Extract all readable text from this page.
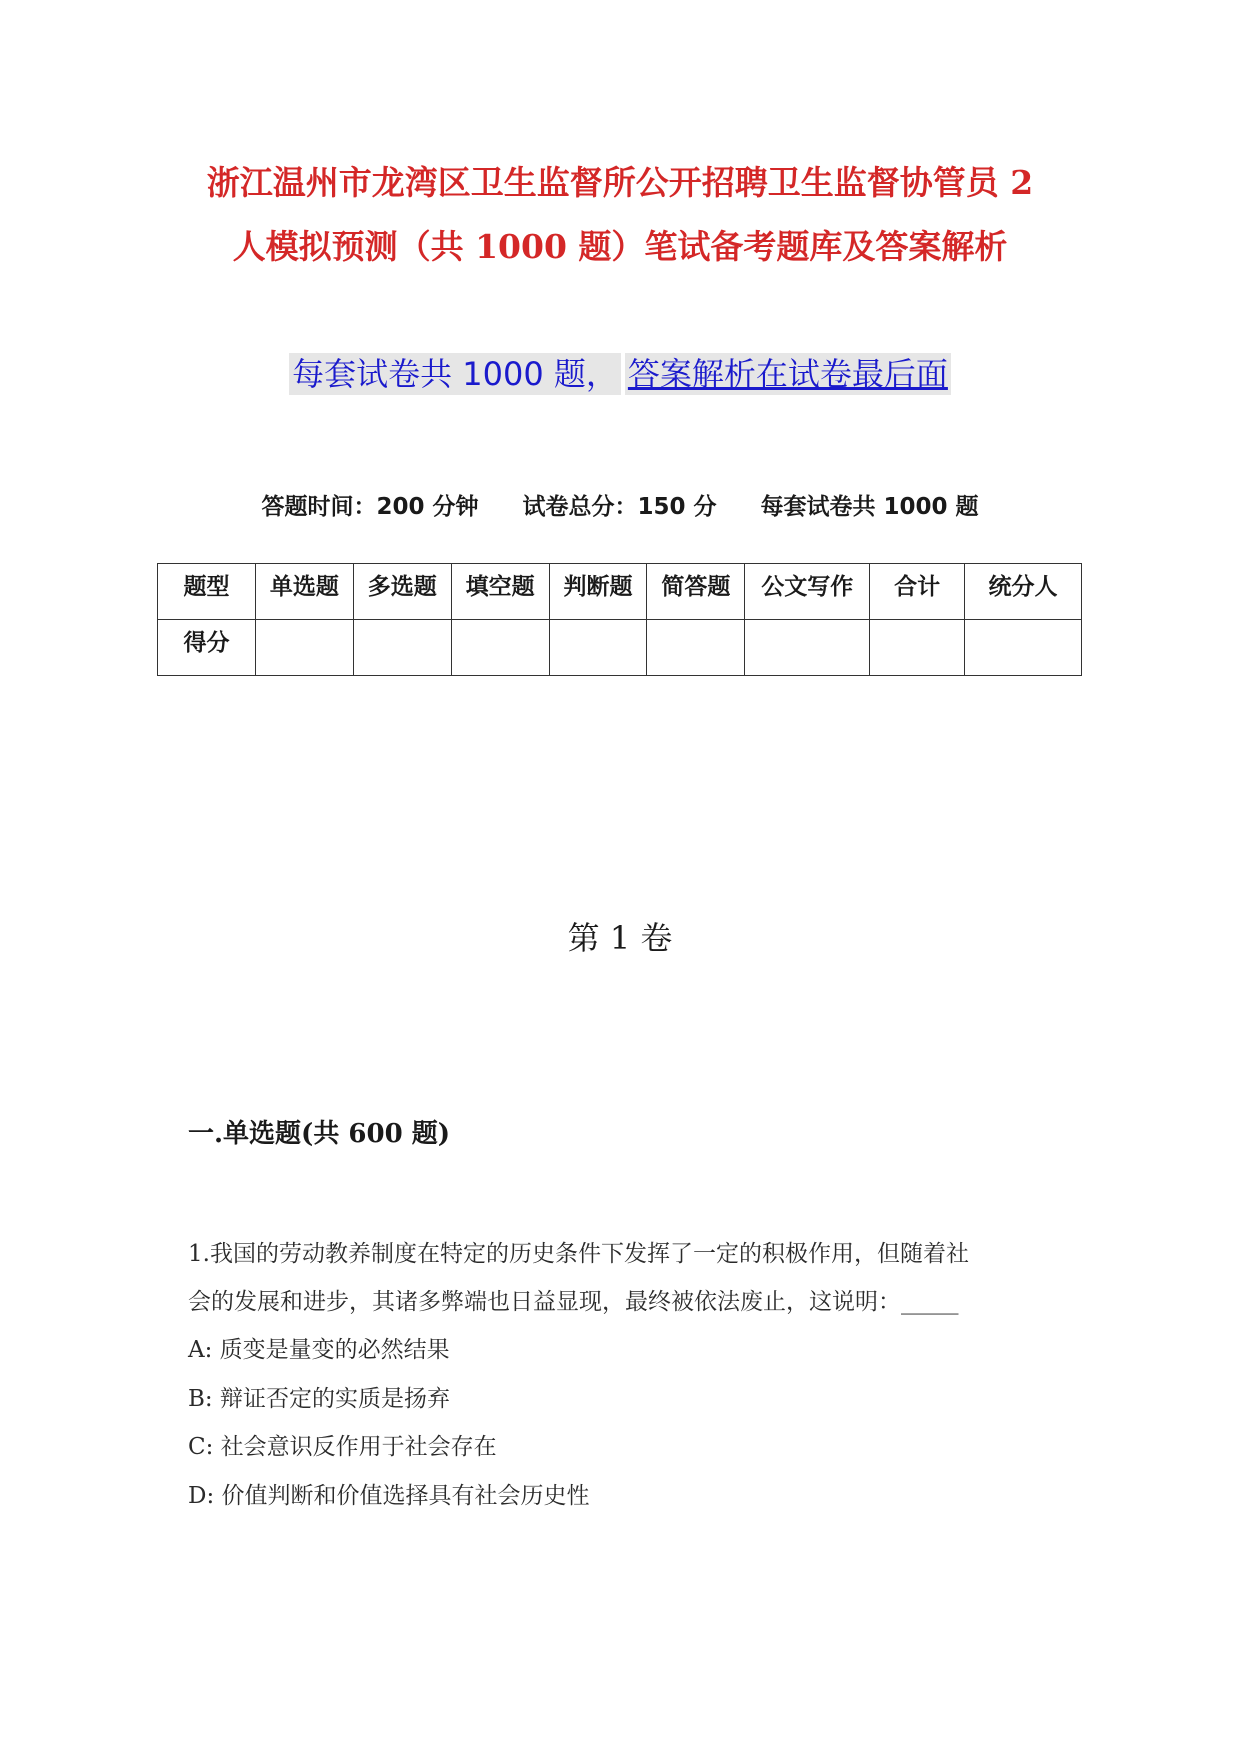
浙江温州市龙湾区卫生监督所公开招聘卫生监督协管员 2
人模拟预测（共 1000 题）笔试备考题库及答案解析
每套试卷共 1000 题， 答案解析在试卷最后面
答题时间：200 分钟 试卷总分：150 分 每套试卷共 1000 题
题型	单选题	多选题	填空题	判断题	简答题	公文写作	合计	统分人
得分								
第 1 卷
一.单选题(共 600 题)
1.我国的劳动教养制度在特定的历史条件下发挥了一定的积极作用，但随着社
会的发展和进步，其诸多弊端也日益显现，最终被依法废止，这说明：_____
A: 质变是量变的必然结果
B: 辩证否定的实质是扬弃
C: 社会意识反作用于社会存在
D: 价值判断和价值选择具有社会历史性
